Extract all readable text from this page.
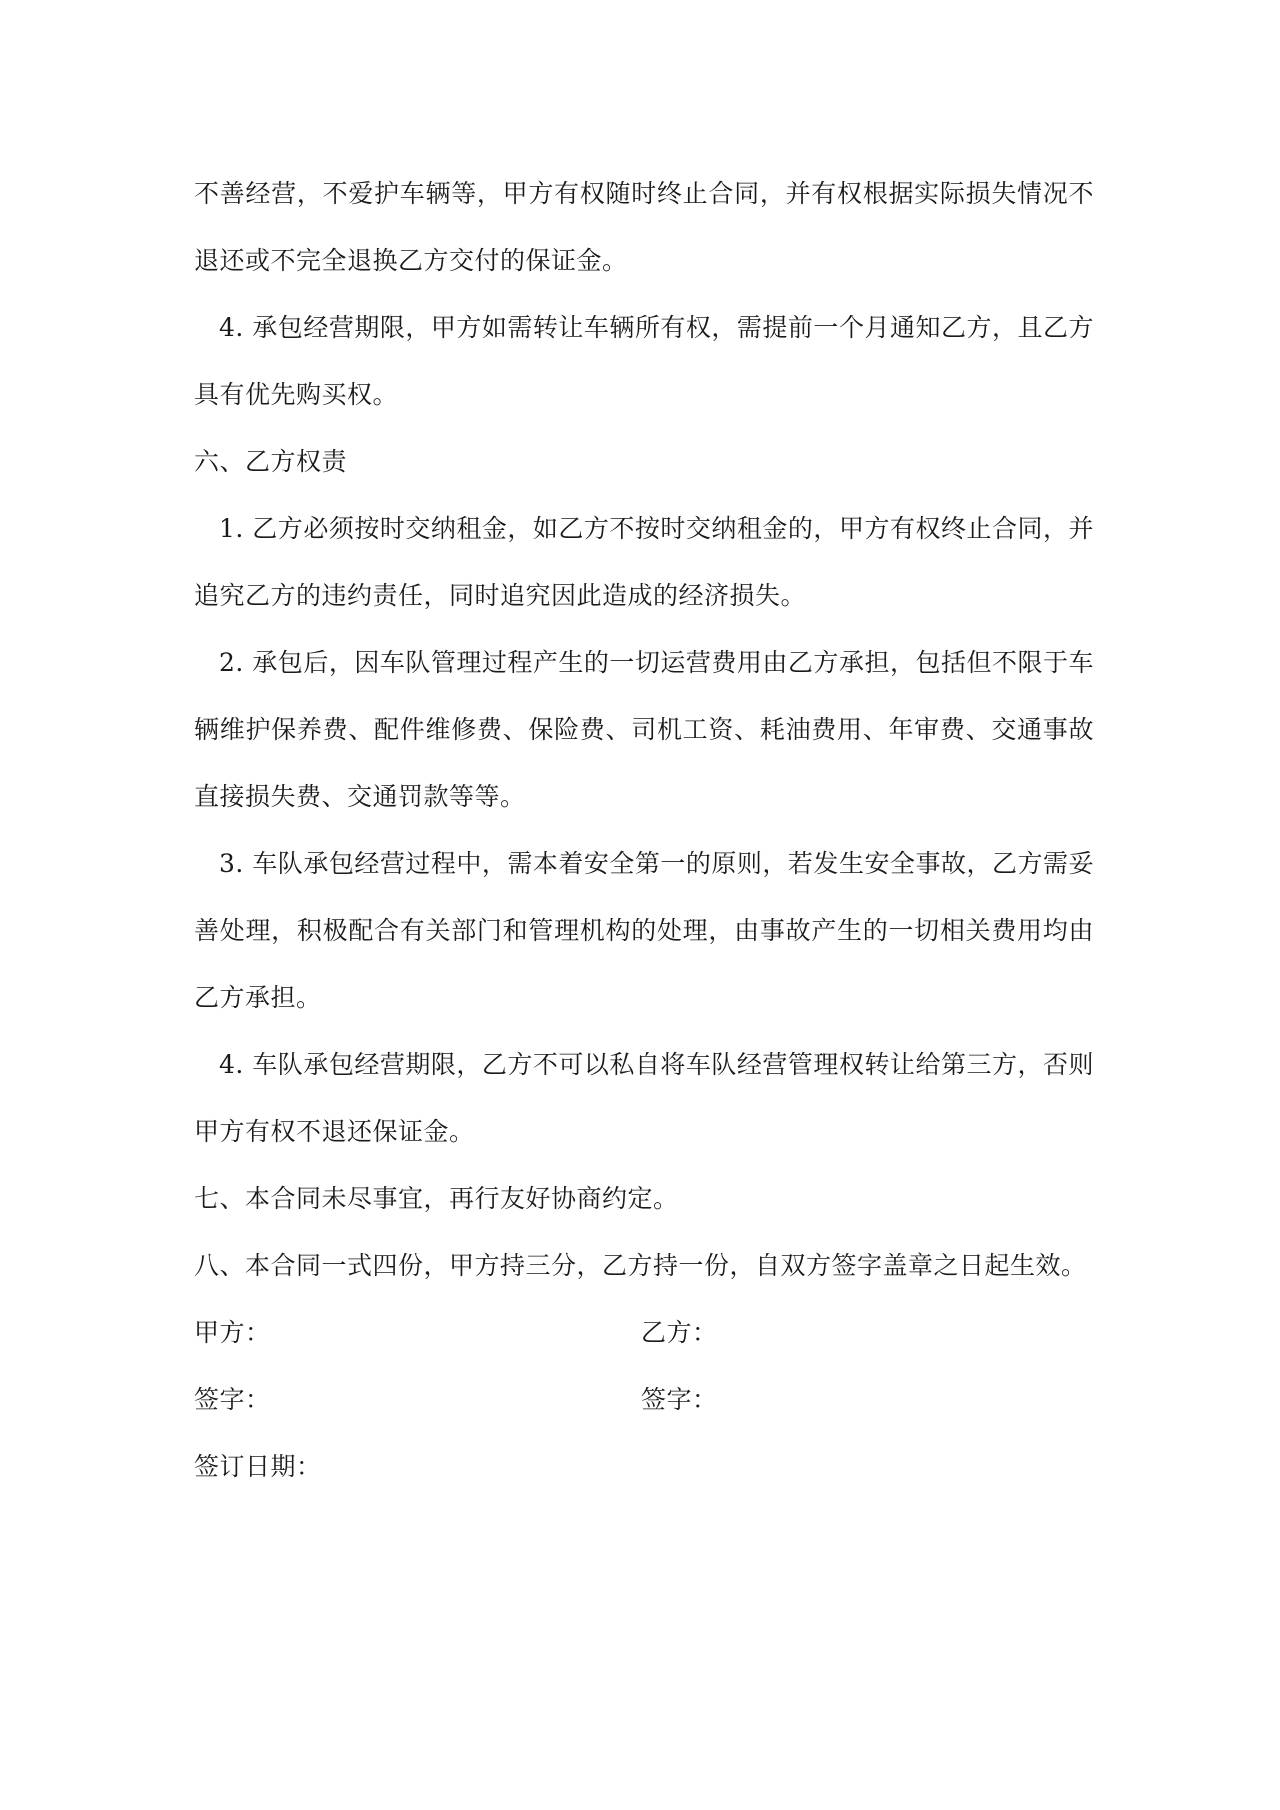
不善经营，不爱护车辆等，甲方有权随时终止合同，并有权根据实际损失情况不退还或不完全退换乙方交付的保证金。

4. 承包经营期限，甲方如需转让车辆所有权，需提前一个月通知乙方，且乙方具有优先购买权。

六、乙方权责

1. 乙方必须按时交纳租金，如乙方不按时交纳租金的，甲方有权终止合同，并追究乙方的违约责任，同时追究因此造成的经济损失。

2. 承包后，因车队管理过程产生的一切运营费用由乙方承担，包括但不限于车辆维护保养费、配件维修费、保险费、司机工资、耗油费用、年审费、交通事故直接损失费、交通罚款等等。

3. 车队承包经营过程中，需本着安全第一的原则，若发生安全事故，乙方需妥善处理，积极配合有关部门和管理机构的处理，由事故产生的一切相关费用均由乙方承担。

4. 车队承包经营期限，乙方不可以私自将车队经营管理权转让给第三方，否则甲方有权不退还保证金。

七、本合同未尽事宜，再行友好协商约定。

八、本合同一式四份，甲方持三分，乙方持一份，自双方签字盖章之日起生效。

甲方：	乙方：
签字：	签字：
签订日期：
